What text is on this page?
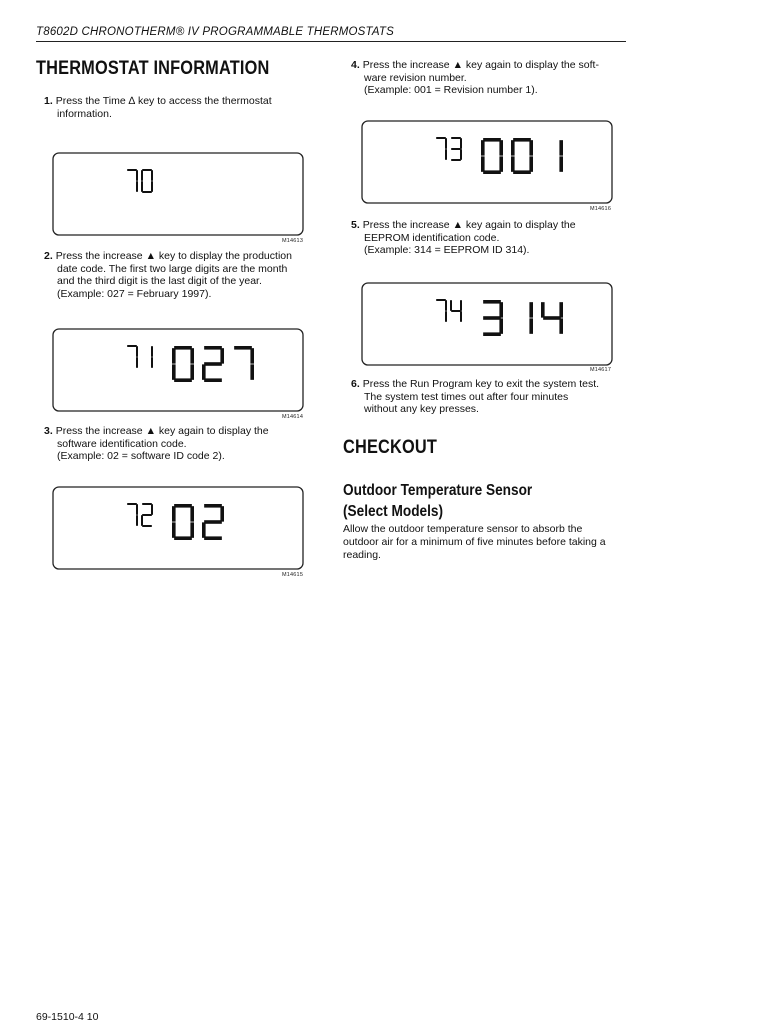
T8602D CHRONOTHERM® IV PROGRAMMABLE THERMOSTATS
THERMOSTAT INFORMATION
1. Press the Time ∆ key to access the thermostat
information.
M14613
2. Press the increase ▲ key to display the production
date code. The first two large digits are the month
and the third digit is the last digit of the year.
(Example: 027 = February 1997).
M14614
3. Press the increase ▲ key again to display the
software identification code.
(Example: 02 = software ID code 2).
M14615
4. Press the increase ▲ key again to display the soft-
ware revision number.
(Example: 001 = Revision number 1).
M14616
5. Press the increase ▲ key again to display the
EEPROM identification code.
(Example: 314 = EEPROM ID 314).
M14617
6. Press the Run Program key to exit the system test.
The system test times out after four minutes
without any key presses.
CHECKOUT
Outdoor Temperature Sensor
(Select Models)
Allow the outdoor temperature sensor to absorb the
outdoor air for a minimum of five minutes before taking a
reading.
69-1510-4 10
